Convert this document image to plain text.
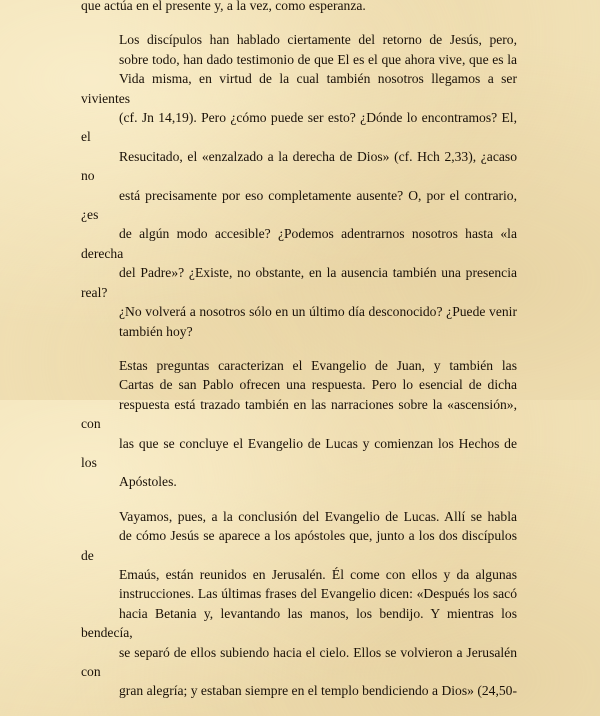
que actúa en el presente y, a la vez, como esperanza.

Los discípulos han hablado ciertamente del retorno de Jesús, pero,
sobre todo, han dado testimonio de que El es el que ahora vive, que es la
Vida misma, en virtud de la cual también nosotros llegamos a ser vivientes
(cf. Jn 14,19). Pero ¿cómo puede ser esto? ¿Dónde lo encontramos? El, el
Resucitado, el «enzalzado a la derecha de Dios» (cf. Hch 2,33), ¿acaso no
está precisamente por eso completamente ausente? O, por el contrario, ¿es
de algún modo accesible? ¿Podemos adentrarnos nosotros hasta «la derecha
del Padre»? ¿Existe, no obstante, en la ausencia también una presencia real?
¿No volverá a nosotros sólo en un último día desconocido? ¿Puede venir
también hoy?

Estas preguntas caracterizan el Evangelio de Juan, y también las
Cartas de san Pablo ofrecen una respuesta. Pero lo esencial de dicha
respuesta está trazado también en las narraciones sobre la «ascensión», con
las que se concluye el Evangelio de Lucas y comienzan los Hechos de los
Apóstoles.

Vayamos, pues, a la conclusión del Evangelio de Lucas. Allí se habla
de cómo Jesús se aparece a los apóstoles que, junto a los dos discípulos de
Emaús, están reunidos en Jerusalén. Él come con ellos y da algunas
instrucciones. Las últimas frases del Evangelio dicen: «Después los sacó
hacia Betania y, levantando las manos, los bendijo. Y mientras los bendecía,
se separó de ellos subiendo hacia el cielo. Ellos se volvieron a Jerusalén con
gran alegría; y estaban siempre en el templo bendiciendo a Dios» (24,50-
